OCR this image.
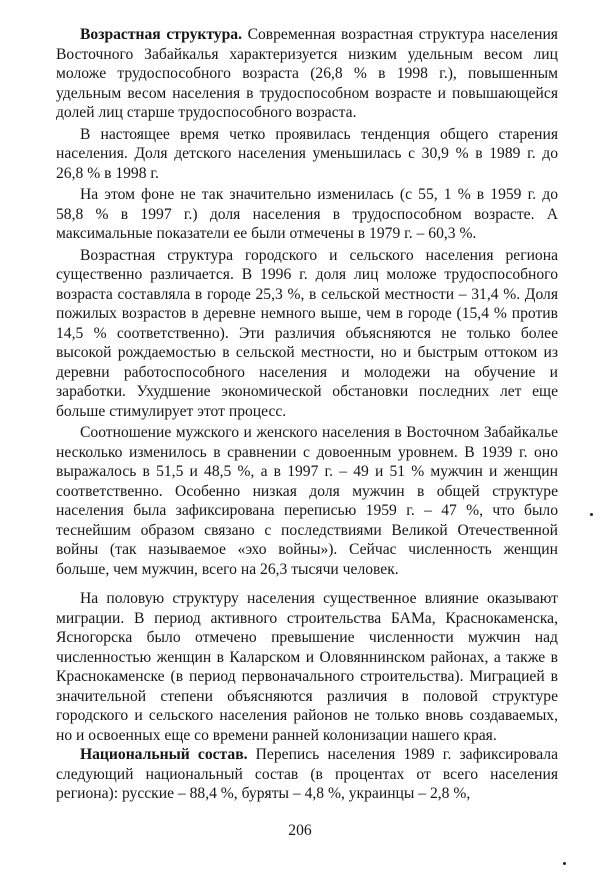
Возрастная структура. Современная возрастная структура населения Восточного Забайкалья характеризуется низким удельным весом лиц моложе трудоспособного возраста (26,8 % в 1998 г.), повышенным удельным весом населения в трудоспособном возрасте и повышающейся долей лиц старше трудоспособного возраста.

В настоящее время четко проявилась тенденция общего старения населения. Доля детского населения уменьшилась с 30,9 % в 1989 г. до 26,8 % в 1998 г.

На этом фоне не так значительно изменилась (с 55, 1 % в 1959 г. до 58,8 % в 1997 г.) доля населения в трудоспособном возрасте. А максимальные показатели ее были отмечены в 1979 г. – 60,3 %.

Возрастная структура городского и сельского населения региона существенно различается. В 1996 г. доля лиц моложе трудоспособного возраста составляла в городе 25,3 %, в сельской местности – 31,4 %. Доля пожилых возрастов в деревне немного выше, чем в городе (15,4 % против 14,5 % соответственно). Эти различия объясняются не только более высокой рождаемостью в сельской местности, но и быстрым оттоком из деревни работоспособного населения и молодежи на обучение и заработки. Ухудшение экономической обстановки последних лет еще больше стимулирует этот процесс.

Соотношение мужского и женского населения в Восточном Забайкалье несколько изменилось в сравнении с довоенным уровнем. В 1939 г. оно выражалось в 51,5 и 48,5 %, а в 1997 г. – 49 и 51 % мужчин и женщин соответственно. Особенно низкая доля мужчин в общей структуре населения была зафиксирована переписью 1959 г. – 47 %, что было теснейшим образом связано с последствиями Великой Отечественной войны (так называемое «эхо войны»). Сейчас численность женщин больше, чем мужчин, всего на 26,3 тысячи человек.

На половую структуру населения существенное влияние оказывают миграции. В период активного строительства БАМа, Краснокаменска, Ясногорска было отмечено превышение численности мужчин над численностью женщин в Каларском и Оловяннинском районах, а также в Краснокаменске (в период первоначального строительства). Миграцией в значительной степени объясняются различия в половой структуре городского и сельского населения районов не только вновь создаваемых, но и освоенных еще со времени ранней колонизации нашего края.

Национальный состав. Перепись населения 1989 г. зафиксировала следующий национальный состав (в процентах от всего населения региона): русские – 88,4 %, буряты – 4,8 %, украинцы – 2,8 %,

206
